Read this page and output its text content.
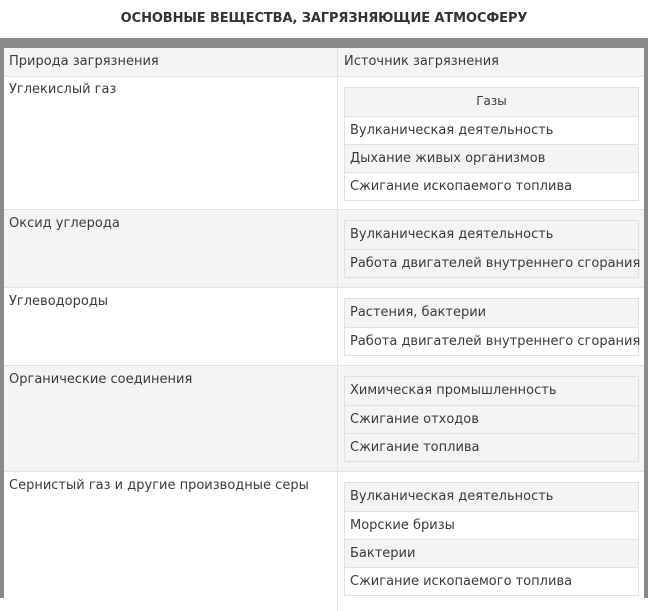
ОСНОВНЫЕ ВЕЩЕСТВА, ЗАГРЯЗНЯЮЩИЕ АТМОСФЕРУ
Природа загрязнения	Источник загрязнения
Углекислый газ
Газы
Вулканическая деятельность
Дыхание живых организмов
Сжигание ископаемого топлива
Оксид углерода
Вулканическая деятельность
Работа двигателей внутреннего сгорания
Углеводороды
Растения, бактерии
Работа двигателей внутреннего сгорания
Органические соединения
Химическая промышленность
Сжигание отходов
Сжигание топлива
Сернистый газ и другие производные серы
Вулканическая деятельность
Морские бризы
Бактерии
Сжигание ископаемого топлива
